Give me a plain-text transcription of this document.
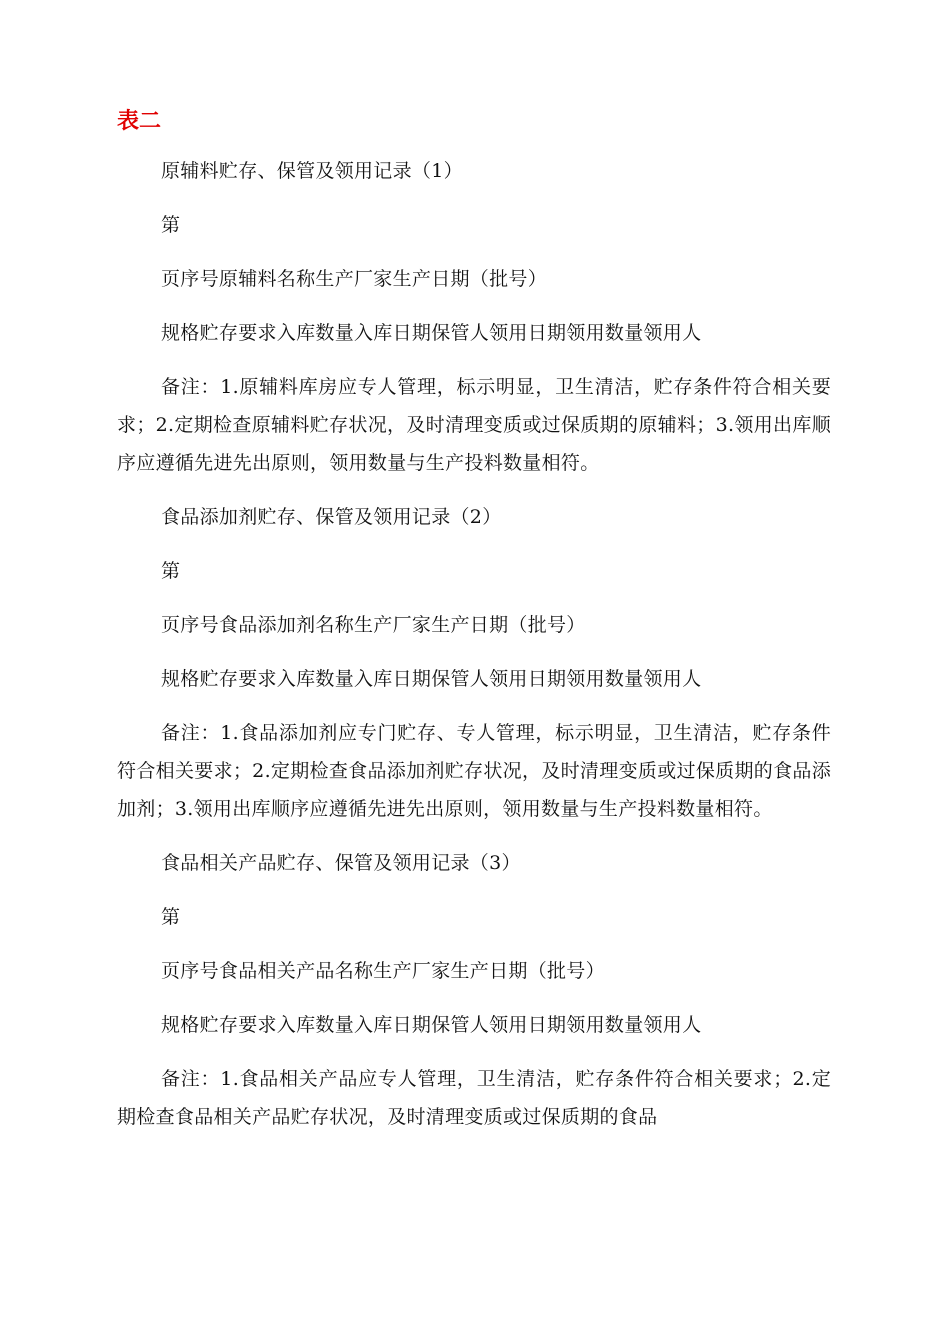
表二
原辅料贮存、保管及领用记录（1）
第
页序号原辅料名称生产厂家生产日期（批号）
规格贮存要求入库数量入库日期保管人领用日期领用数量领用人
备注：1.原辅料库房应专人管理，标示明显，卫生清洁，贮存条件符合相关要求；2.定期检查原辅料贮存状况，及时清理变质或过保质期的原辅料；3.领用出库顺序应遵循先进先出原则，领用数量与生产投料数量相符。
食品添加剂贮存、保管及领用记录（2）
第
页序号食品添加剂名称生产厂家生产日期（批号）
规格贮存要求入库数量入库日期保管人领用日期领用数量领用人
备注：1.食品添加剂应专门贮存、专人管理，标示明显，卫生清洁，贮存条件符合相关要求；2.定期检查食品添加剂贮存状况，及时清理变质或过保质期的食品添加剂；3.领用出库顺序应遵循先进先出原则，领用数量与生产投料数量相符。
食品相关产品贮存、保管及领用记录（3）
第
页序号食品相关产品名称生产厂家生产日期（批号）
规格贮存要求入库数量入库日期保管人领用日期领用数量领用人
备注：1.食品相关产品应专人管理，卫生清洁，贮存条件符合相关要求；2.定期检查食品相关产品贮存状况，及时清理变质或过保质期的食品
